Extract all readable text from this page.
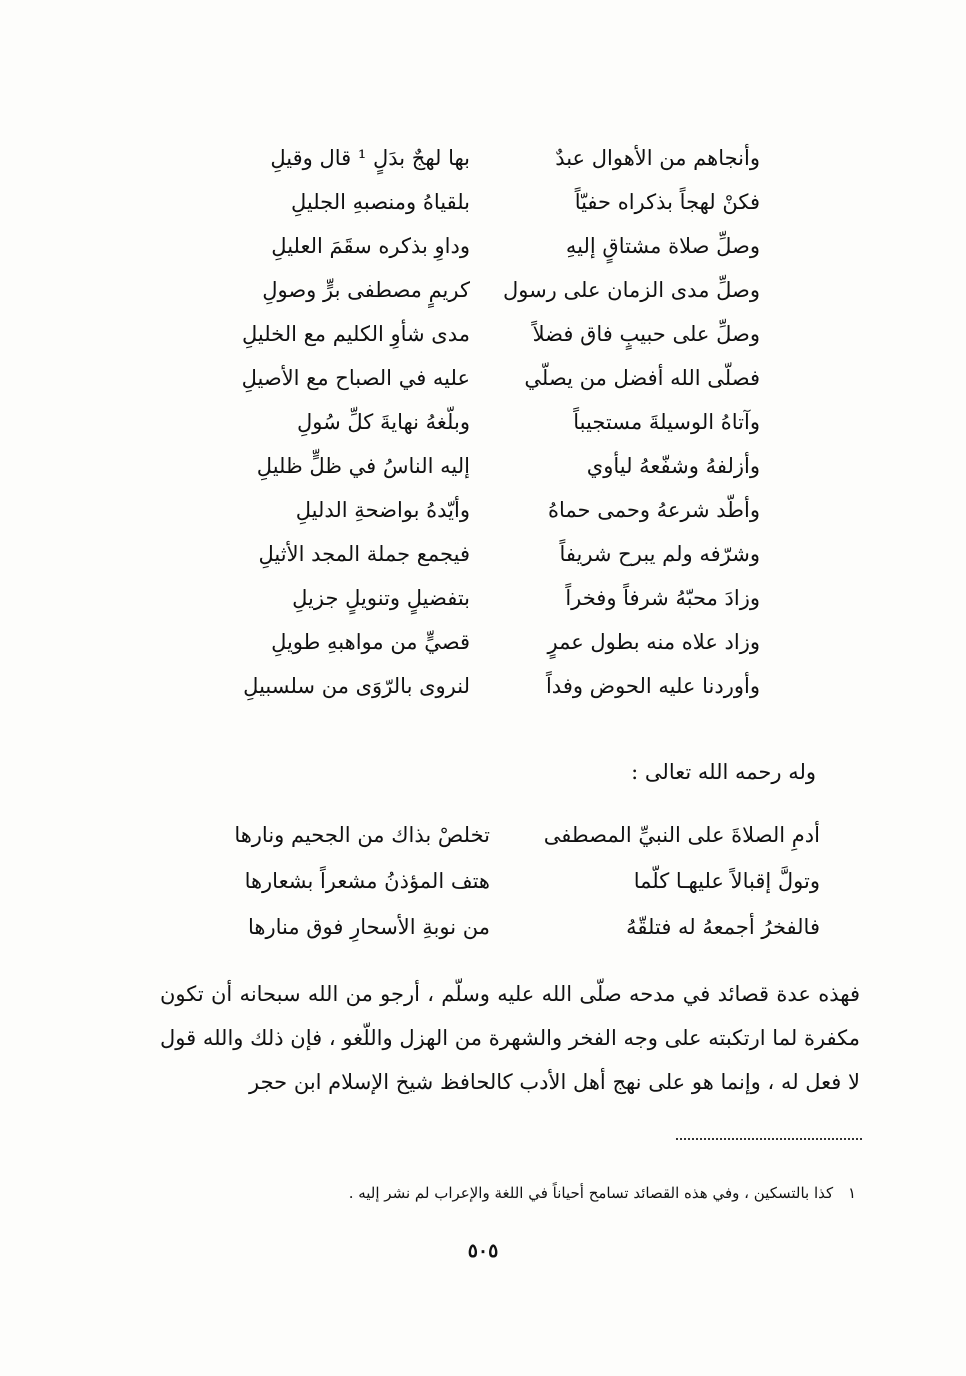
وأنجاهم من الأهوال عبدٌ
بها لهجٌ بدَلٍ ¹ قال وقيلِ
فكنْ لهجاً بذكراه حفيّاً
بلقياهُ ومنصبهِ الجليلِ
وصلِّ صلاة مشتاقٍ إليهِ
وداوِ بذكره سقَمَ العليلِ
وصلِّ مدى الزمان على رسول
كريمٍ مصطفى برٍّ وصولِ
وصلِّ على حبيبٍ فاق فضلاً
مدى شأوِ الكليم مع الخليلِ
فصلّى الله أفضل من يصلّي
عليه في الصباح مع الأصيلِ
وآتاهُ الوسيلةَ مستجيباً
وبلّغهُ نهايةَ كلِّ سُولِ
وأزلفهُ وشفّعهُ ليأوي
إليه الناسُ في ظلٍّ ظليلِ
وأطّد شرعهُ وحمى حماهُ
وأيّدهُ بواضحةِ الدليلِ
وشرّفه ولم يبرح شريفاً
فيجمع جملة المجد الأثيلِ
وزادَ محبّهُ شرفاً وفخراً
بتفضيلٍ وتنويلٍ جزيلِ
وزاد علاه منه بطول عمرٍ
قصيٍّ من مواهبهِ طويلِ
وأوردنا عليه الحوض وفداً
لنروى بالرّوَى من سلسبيلِ
وله رحمه الله تعالى :
أدمِ الصلاةَ على النبيِّ المصطفى
تخلصْ بذاك من الجحيم ونارها
وتولَّ إقبالاً عليهـا كلّما
هتف المؤذنُ مشعراً بشعارها
فالفخرُ أجمعهُ له فتلقّهُ
من نوبةِ الأسحارِ فوق منارها
فهذه عدة قصائد في مدحه صلّى الله عليه وسلّم ، أرجو من الله سبحانه أن تكون مكفرة لما ارتكبته على وجه الفخر والشهرة من الهزل واللّغو ، فإن ذلك والله قول لا فعل له ، وإنما هو على نهج أهل الأدب كالحافظ شيخ الإسلام ابن حجر
١ كذا بالتسكين ، وفي هذه القصائد تسامح أحياناً في اللغة والإعراب لم نشر إليه .
٥٠٥
